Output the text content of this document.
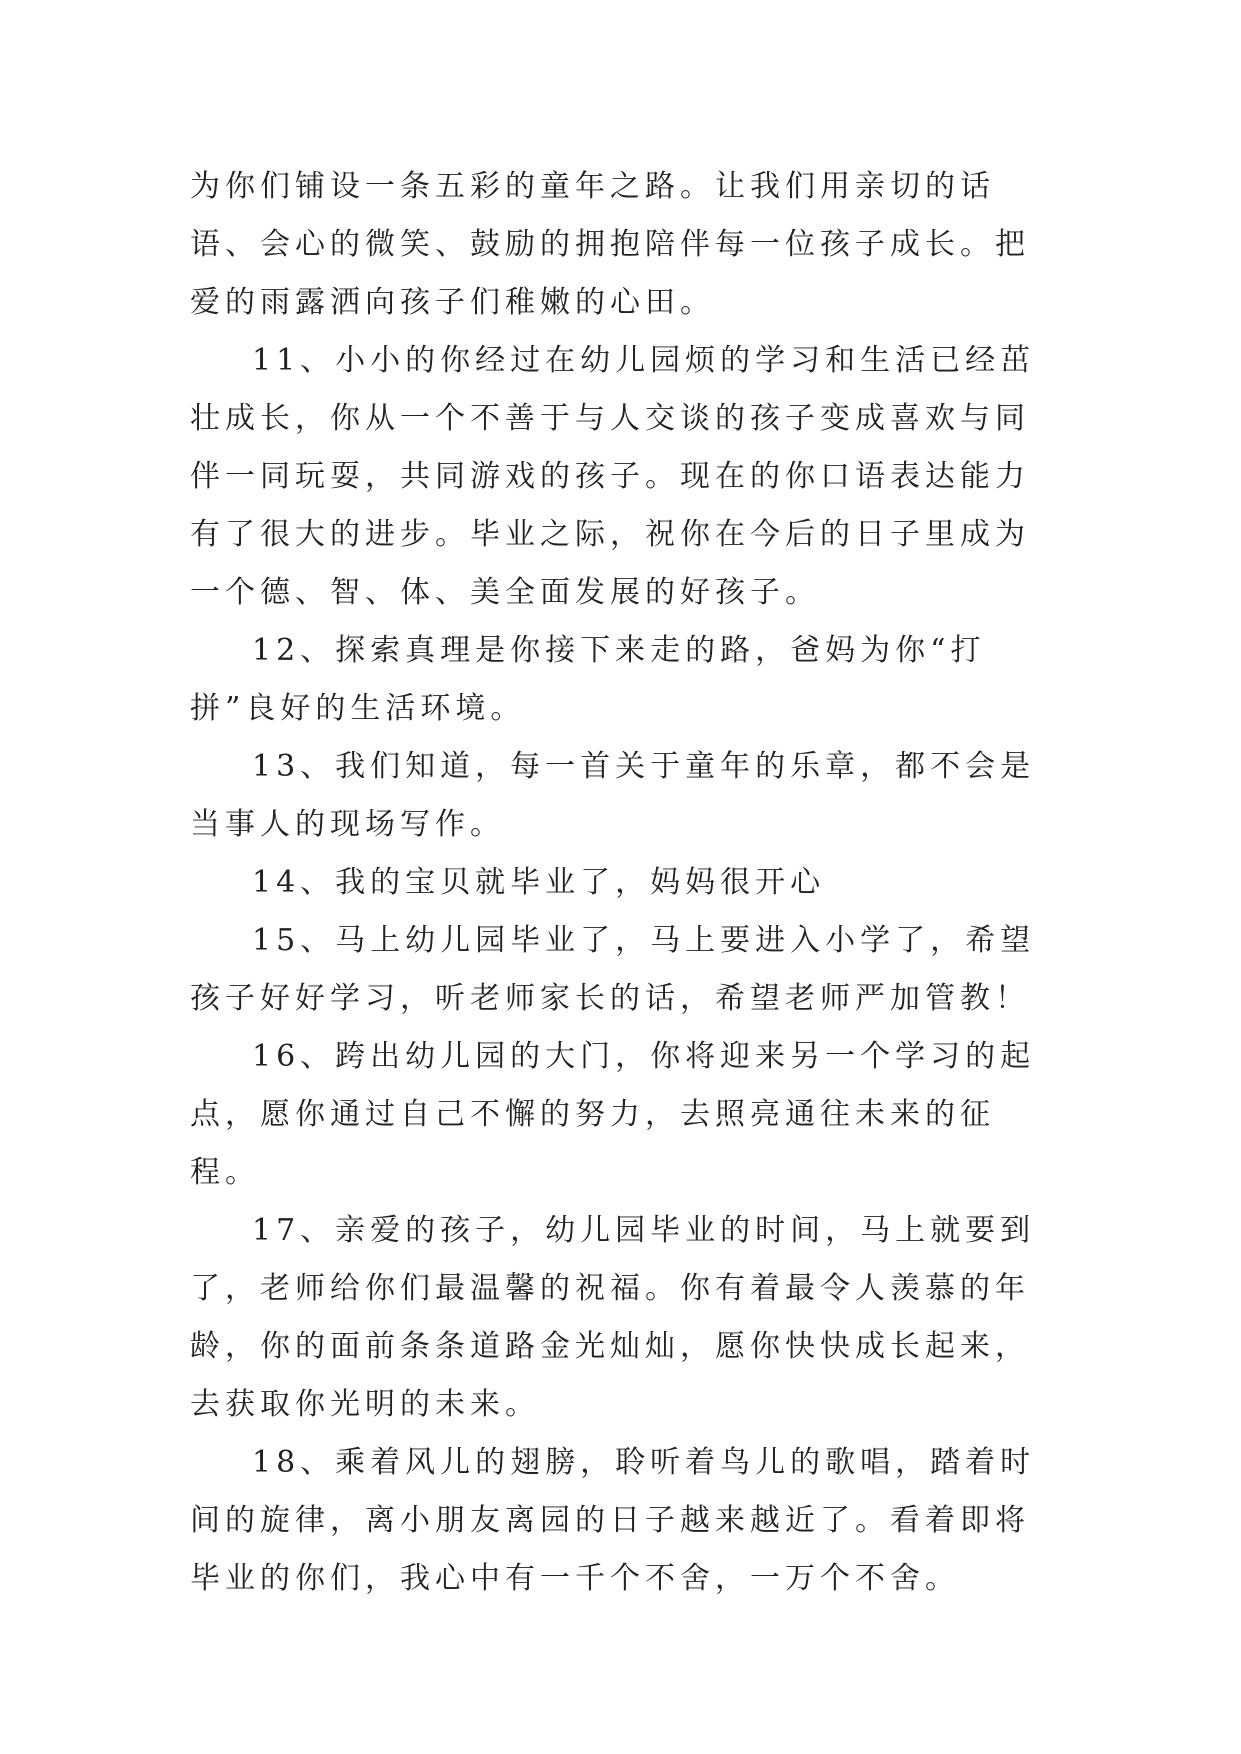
为你们铺设一条五彩的童年之路。让我们用亲切的话语、会心的微笑、鼓励的拥抱陪伴每一位孩子成长。把爱的雨露洒向孩子们稚嫩的心田。

11、小小的你经过在幼儿园烦的学习和生活已经茁壮成长，你从一个不善于与人交谈的孩子变成喜欢与同伴一同玩耍，共同游戏的孩子。现在的你口语表达能力有了很大的进步。毕业之际，祝你在今后的日子里成为一个德、智、体、美全面发展的好孩子。

12、探索真理是你接下来走的路，爸妈为你“打拼”良好的生活环境。

13、我们知道，每一首关于童年的乐章，都不会是当事人的现场写作。

14、我的宝贝就毕业了，妈妈很开心

15、马上幼儿园毕业了，马上要进入小学了，希望孩子好好学习，听老师家长的话，希望老师严加管教！

16、跨出幼儿园的大门，你将迎来另一个学习的起点，愿你通过自己不懈的努力，去照亮通往未来的征程。

17、亲爱的孩子，幼儿园毕业的时间，马上就要到了，老师给你们最温馨的祝福。你有着最令人羡慕的年龄，你的面前条条道路金光灿灿，愿你快快成长起来，去获取你光明的未来。

18、乘着风儿的翅膀，聆听着鸟儿的歌唱，踏着时间的旋律，离小朋友离园的日子越来越近了。看着即将毕业的你们，我心中有一千个不舍，一万个不舍。
